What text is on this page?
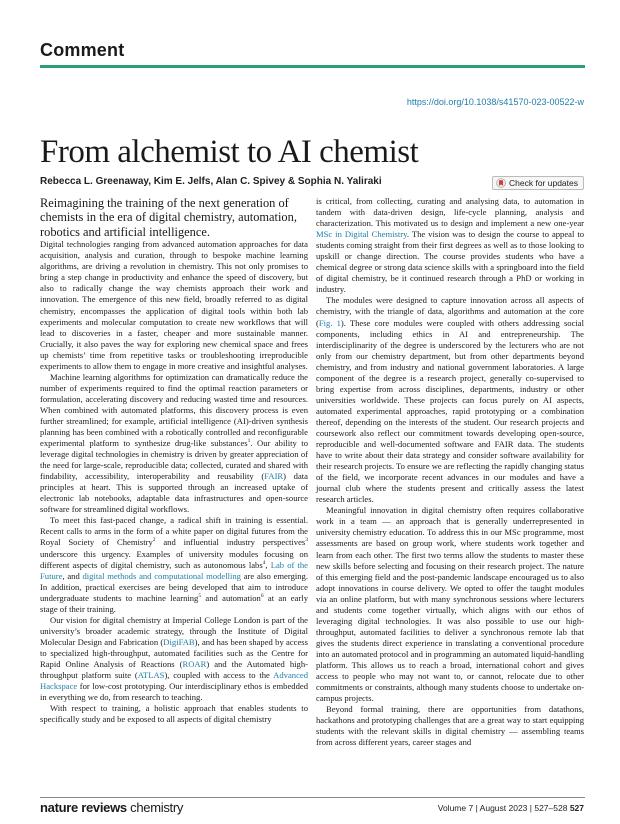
Comment
https://doi.org/10.1038/s41570-023-00522-w
From alchemist to AI chemist
Rebecca L. Greenaway, Kim E. Jelfs, Alan C. Spivey & Sophia N. Yaliraki	Check for updates

Reimagining the training of the next generation of chemists in the era of digital chemistry, automation, robotics and artificial intelligence.

Digital technologies ranging from advanced automation approaches for data acquisition, analysis and curation, through to bespoke machine learning algorithms, are driving a revolution in chemistry. This not only promises to bring a step change in productivity and enhance the speed of discovery, but also to radically change the way chemists approach their work and innovation. The emergence of this new field, broadly referred to as digital chemistry, encompasses the application of digital tools within both lab experiments and molecular computation to create new workflows that will lead to discoveries in a faster, cheaper and more sustainable manner. Crucially, it also paves the way for exploring new chemical space and frees up chemists’ time from repetitive tasks or troubleshooting irreproducible experiments to allow them to engage in more creative and insightful analyses.

Machine learning algorithms for optimization can dramatically reduce the number of experiments required to find the optimal reaction parameters or formulation, accelerating discovery and reducing wasted time and resources. When combined with automated platforms, this discovery process is even further streamlined; for example, artificial intelligence (AI)-driven synthesis planning has been combined with a robotically controlled and reconfigurable experimental platform to synthesize drug-like substances$^1$. Our ability to leverage digital technologies in chemistry is driven by greater appreciation of the need for large-scale, reproducible data; collected, curated and shared with findability, accessibility, interoperability and reusability (FAIR) data principles at heart. This is supported through an increased uptake of electronic lab notebooks, adaptable data infrastructures and open-source software for streamlined digital workflows.

To meet this fast-paced change, a radical shift in training is essential. Recent calls to arms in the form of a white paper on digital futures from the Royal Society of Chemistry$^2$ and influential industry perspectives$^3$ underscore this urgency. Examples of university modules focusing on different aspects of digital chemistry, such as autonomous labs$^4$, Lab of the Future, and digital methods and computational modelling are also emerging. In addition, practical exercises are being developed that aim to introduce undergraduate students to machine learning$^5$ and automation$^6$ at an early stage of their training.

Our vision for digital chemistry at Imperial College London is part of the university’s broader academic strategy, through the Institute of Digital Molecular Design and Fabrication (DigiFAB), and has been shaped by access to specialized high-throughput, automated facilities such as the Centre for Rapid Online Analysis of Reactions (ROAR) and the Automated high-throughput platform suite (ATLAS), coupled with access to the Advanced Hackspace for low-cost prototyping. Our interdisciplinary ethos is embedded in everything we do, from research to teaching.

With respect to training, a holistic approach that enables students to specifically study and be exposed to all aspects of digital chemistry

is critical, from collecting, curating and analysing data, to automation in tandem with data-driven design, life-cycle planning, analysis and characterization. This motivated us to design and implement a new one-year MSc in Digital Chemistry. The vision was to design the course to appeal to students coming straight from their first degrees as well as to those looking to upskill or change direction. The course provides students who have a chemical degree or strong data science skills with a springboard into the field of digital chemistry, be it continued research through a PhD or working in industry.

The modules were designed to capture innovation across all aspects of chemistry, with the triangle of data, algorithms and automation at the core (Fig. 1). These core modules were coupled with others addressing social components, including ethics in AI and entrepreneurship. The interdisciplinarity of the degree is underscored by the lecturers who are not only from our chemistry department, but from other departments beyond chemistry, and from industry and national government laboratories. A large component of the degree is a research project, generally co-supervised to bring expertise from across disciplines, departments, industry or other universities worldwide. These projects can focus purely on AI aspects, automated experimental approaches, rapid prototyping or a combination thereof, depending on the interests of the student. Our research projects and coursework also reflect our commitment towards developing open-source, reproducible and well-documented software and FAIR data. The students have to write about their data strategy and consider software availability for their research projects. To ensure we are reflecting the rapidly changing status of the field, we incorporate recent advances in our modules and have a journal club where the students present and critically assess the latest research articles.

Meaningful innovation in digital chemistry often requires collaborative work in a team — an approach that is generally underrepresented in university chemistry education. To address this in our MSc programme, most assessments are based on group work, where students work together and learn from each other. The first two terms allow the students to master these new skills before selecting and focusing on their research project. The nature of this emerging field and the post-pandemic landscape encouraged us to also adopt innovations in course delivery. We opted to offer the taught modules via an online platform, but with many synchronous sessions where lecturers and students come together virtually, which aligns with our ethos of leveraging digital technologies. It was also possible to use our high-throughput, automated facilities to deliver a synchronous remote lab that gives the students direct experience in translating a conventional procedure into an automated protocol and in programming an automated liquid-handling platform. This allows us to reach a broad, international cohort and gives access to people who may not want to, or cannot, relocate due to other commitments or constraints, although many students choose to undertake on-campus projects.

Beyond formal training, there are opportunities from datathons, hackathons and prototyping challenges that are a great way to start equipping students with the relevant skills in digital chemistry — assembling teams from across different years, career stages and

nature reviews chemistry	Volume 7 | August 2023 | 527–528 527
